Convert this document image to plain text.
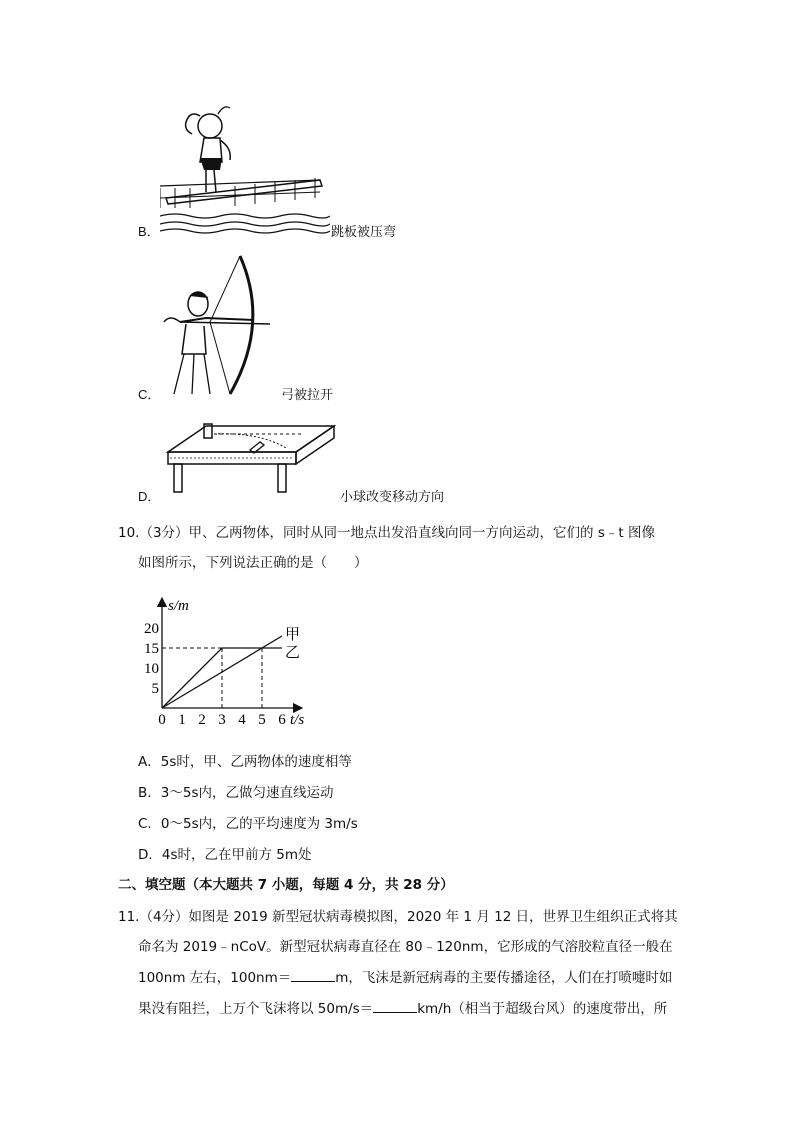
B．	跳板被压弯
C．	弓被拉开
D．	小球改变移动方向
10.（3分）甲、乙两物体，同时从同一地点出发沿直线向同一方向运动，它们的 s﹣t 图像
如图所示，下列说法正确的是（　　）
甲
乙
0 1 2 3 4 5 6
5
10
15
20
s/m
t/s
A．5s时，甲、乙两物体的速度相等
B．3～5s内，乙做匀速直线运动
C．0～5s内，乙的平均速度为 3m/s
D．4s时，乙在甲前方 5m处
二、填空题（本大题共 7 小题，每题 4 分，共 28 分）
11.（4分）如图是 2019 新型冠状病毒模拟图，2020 年 1 月 12 日，世界卫生组织正式将其
命名为 2019﹣nCoV。新型冠状病毒直径在 80﹣120nm，它形成的气溶胶粒直径一般在
100nm 左右，100nm＝	m，飞沫是新冠病毒的主要传播途径，人们在打喷嚏时如
果没有阻拦，上万个飞沫将以 50m/s＝	km/h（相当于超级台风）的速度带出，所
